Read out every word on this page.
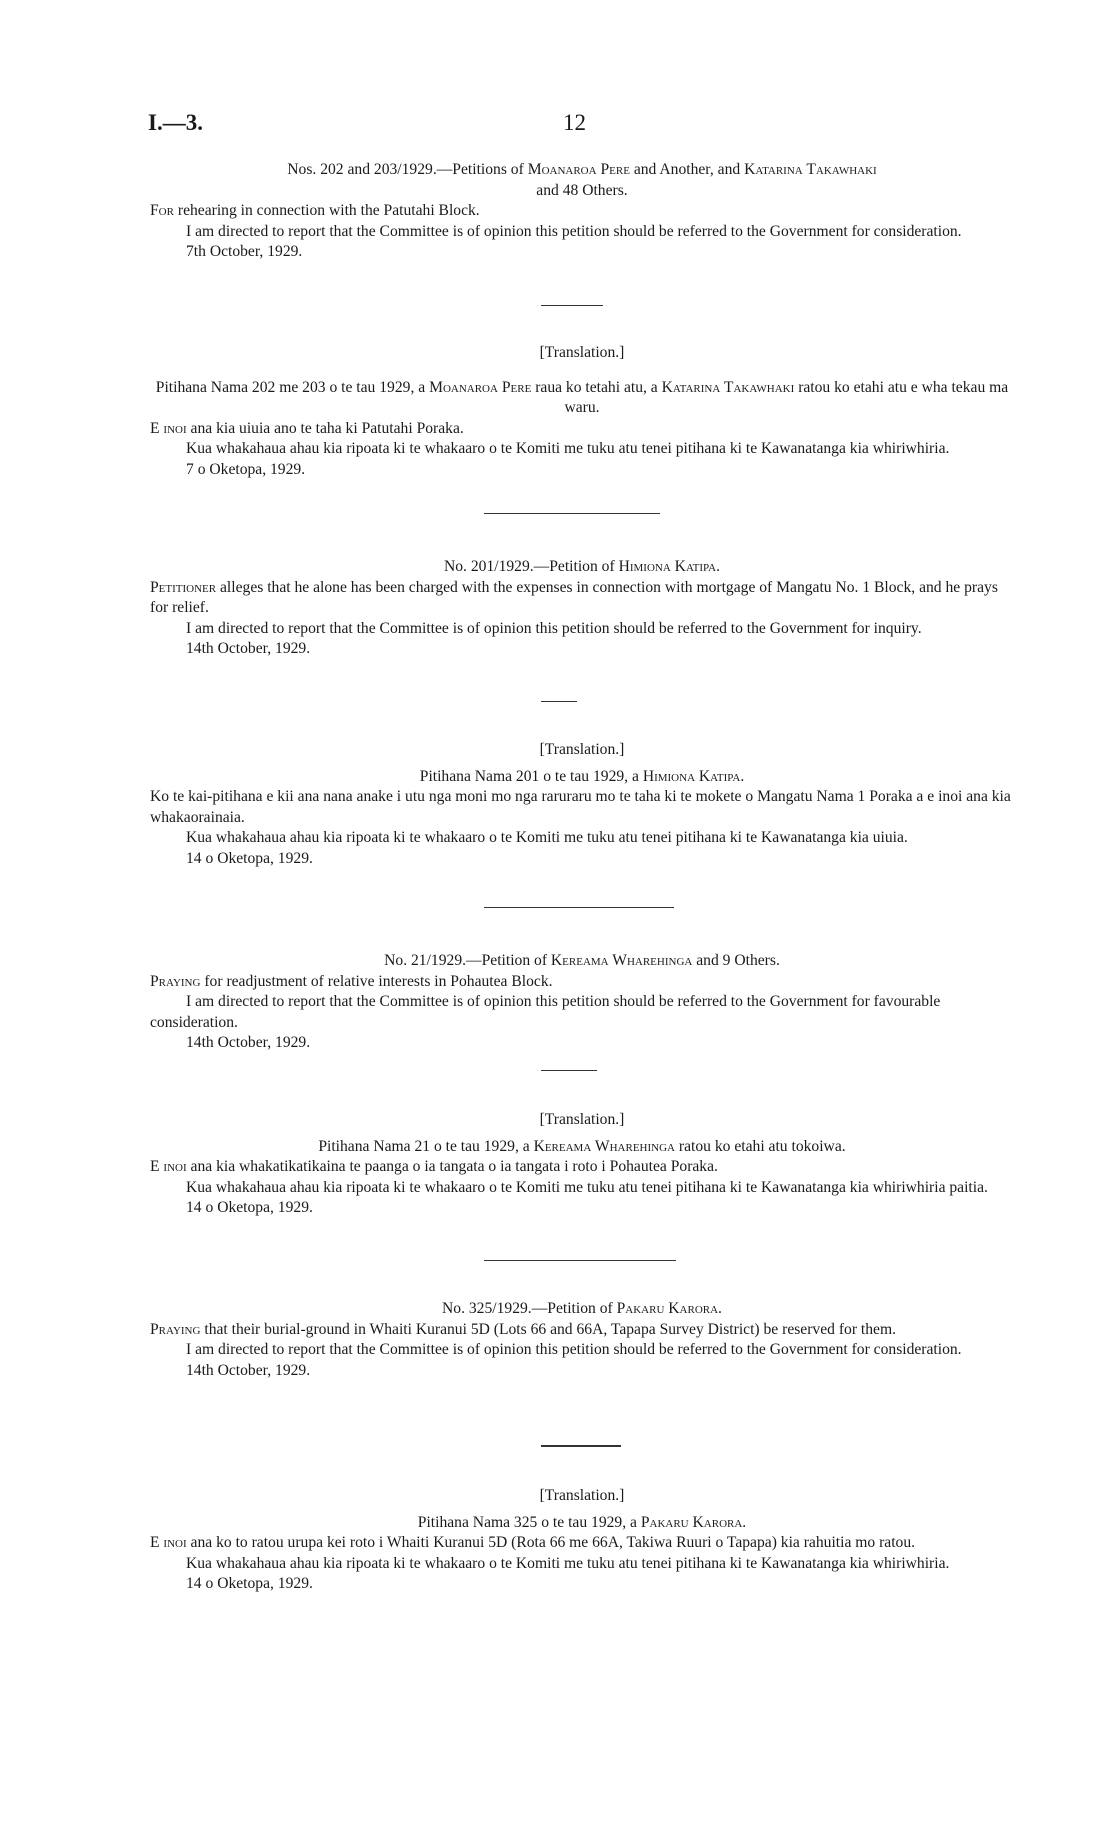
I.—3.	12

Nos. 202 and 203/1929.—Petitions of Moanaroa Pere and Another, and Katarina Takawhaki
and 48 Others.

For rehearing in connection with the Patutahi Block.

I am directed to report that the Committee is of opinion this petition should be referred to the Government for consideration.

7th October, 1929.

[Translation.]

Pitihana Nama 202 me 203 o te tau 1929, a Moanaroa Pere raua ko tetahi atu, a Katarina Takawhaki ratou ko etahi atu e wha tekau ma waru.

E inoi ana kia uiuia ano te taha ki Patutahi Poraka.

Kua whakahaua ahau kia ripoata ki te whakaaro o te Komiti me tuku atu tenei pitihana ki te Kawanatanga kia whiriwhiria.

7 o Oketopa, 1929.

No. 201/1929.—Petition of Himiona Katipa.

Petitioner alleges that he alone has been charged with the expenses in connection with mortgage of Mangatu No. 1 Block, and he prays for relief.

I am directed to report that the Committee is of opinion this petition should be referred to the Government for inquiry.

14th October, 1929.

[Translation.]

Pitihana Nama 201 o te tau 1929, a Himiona Katipa.

Ko te kai-pitihana e kii ana nana anake i utu nga moni mo nga raruraru mo te taha ki te mokete o Mangatu Nama 1 Poraka a e inoi ana kia whakaorainaia.

Kua whakahaua ahau kia ripoata ki te whakaaro o te Komiti me tuku atu tenei pitihana ki te Kawanatanga kia uiuia.

14 o Oketopa, 1929.

No. 21/1929.—Petition of Kereama Wharehinga and 9 Others.

Praying for readjustment of relative interests in Pohautea Block.

I am directed to report that the Committee is of opinion this petition should be referred to the Government for favourable consideration.

14th October, 1929.

[Translation.]

Pitihana Nama 21 o te tau 1929, a Kereama Wharehinga ratou ko etahi atu tokoiwa.

E inoi ana kia whakatikatikaina te paanga o ia tangata o ia tangata i roto i Pohautea Poraka.

Kua whakahaua ahau kia ripoata ki te whakaaro o te Komiti me tuku atu tenei pitihana ki te Kawanatanga kia whiriwhiria paitia.

14 o Oketopa, 1929.

No. 325/1929.—Petition of Pakaru Karora.

Praying that their burial-ground in Whaiti Kuranui 5D (Lots 66 and 66A, Tapapa Survey District) be reserved for them.

I am directed to report that the Committee is of opinion this petition should be referred to the Government for consideration.

14th October, 1929.

[Translation.]

Pitihana Nama 325 o te tau 1929, a Pakaru Karora.

E inoi ana ko to ratou urupa kei roto i Whaiti Kuranui 5D (Rota 66 me 66A, Takiwa Ruuri o Tapapa) kia rahuitia mo ratou.

Kua whakahaua ahau kia ripoata ki te whakaaro o te Komiti me tuku atu tenei pitihana ki te Kawanatanga kia whiriwhiria.

14 o Oketopa, 1929.
